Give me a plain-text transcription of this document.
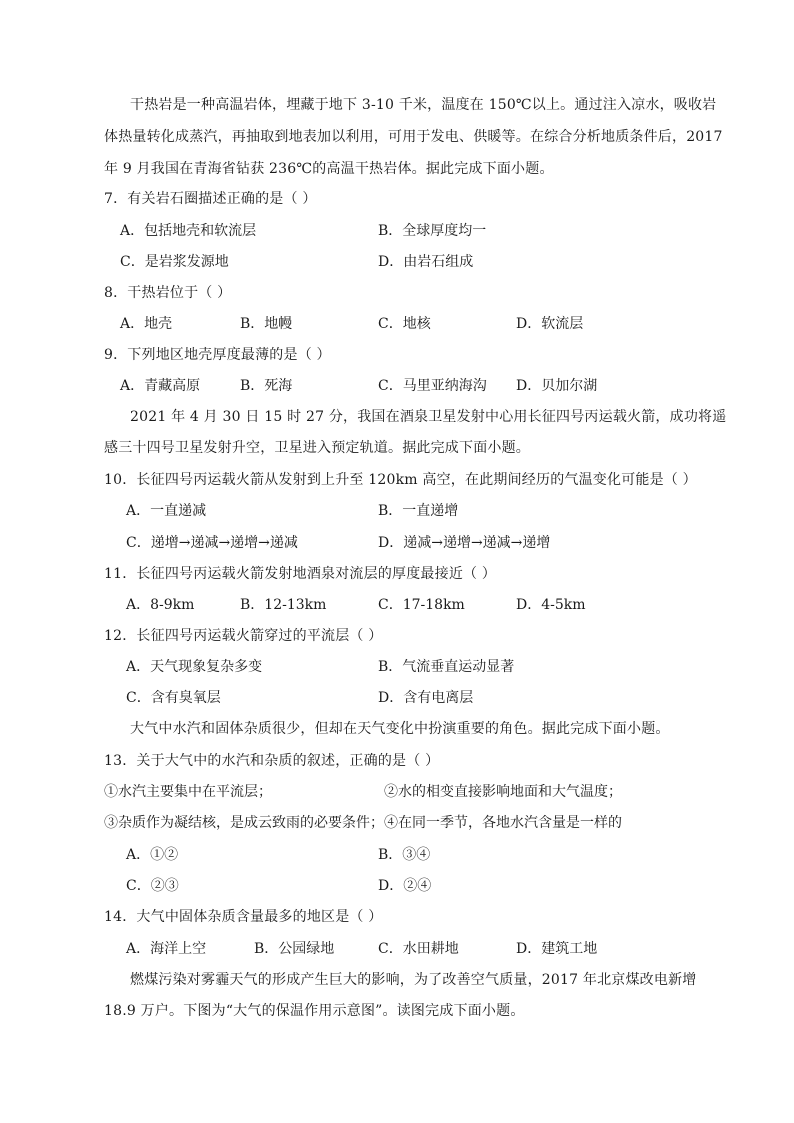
干热岩是一种高温岩体，埋藏于地下 3-10 千米，温度在 150℃以上。通过注入凉水，吸收岩
体热量转化成蒸汽，再抽取到地表加以利用，可用于发电、供暖等。在综合分析地质条件后，2017
年 9 月我国在青海省钻获 236℃的高温干热岩体。据此完成下面小题。
7．有关岩石圈描述正确的是（ ）
A．包括地壳和软流层	B．全球厚度均一
C．是岩浆发源地	D．由岩石组成
8．干热岩位于（ ）
A．地壳	B．地幔	C．地核	D．软流层
9．下列地区地壳厚度最薄的是（ ）
A．青藏高原	B．死海	C．马里亚纳海沟 D．贝加尔湖
2021 年 4 月 30 日 15 时 27 分，我国在酒泉卫星发射中心用长征四号丙运载火箭，成功将遥
感三十四号卫星发射升空，卫星进入预定轨道。据此完成下面小题。
10．长征四号丙运载火箭从发射到上升至 120km 高空，在此期间经历的气温变化可能是（ ）
A．一直递减	B．一直递增
C．递增→递减→递增→递减	D．递减→递增→递减→递增
11．长征四号丙运载火箭发射地酒泉对流层的厚度最接近（ ）
A．8-9km	B．12-13km	C．17-18km	D．4-5km
12．长征四号丙运载火箭穿过的平流层（ ）
A．天气现象复杂多变	B．气流垂直运动显著
C．含有臭氧层	D．含有电离层
大气中水汽和固体杂质很少，但却在天气变化中扮演重要的角色。据此完成下面小题。
13．关于大气中的水汽和杂质的叙述，正确的是（ ）
①水汽主要集中在平流层；	②水的相变直接影响地面和大气温度；
③杂质作为凝结核，是成云致雨的必要条件；④在同一季节，各地水汽含量是一样的
A．①②	B．③④
C．②③	D．②④
14．大气中固体杂质含量最多的地区是（ ）
A．海洋上空	B．公园绿地	C．水田耕地	D．建筑工地
燃煤污染对雾霾天气的形成产生巨大的影响，为了改善空气质量，2017 年北京煤改电新增
18.9 万户。下图为“大气的保温作用示意图”。读图完成下面小题。
